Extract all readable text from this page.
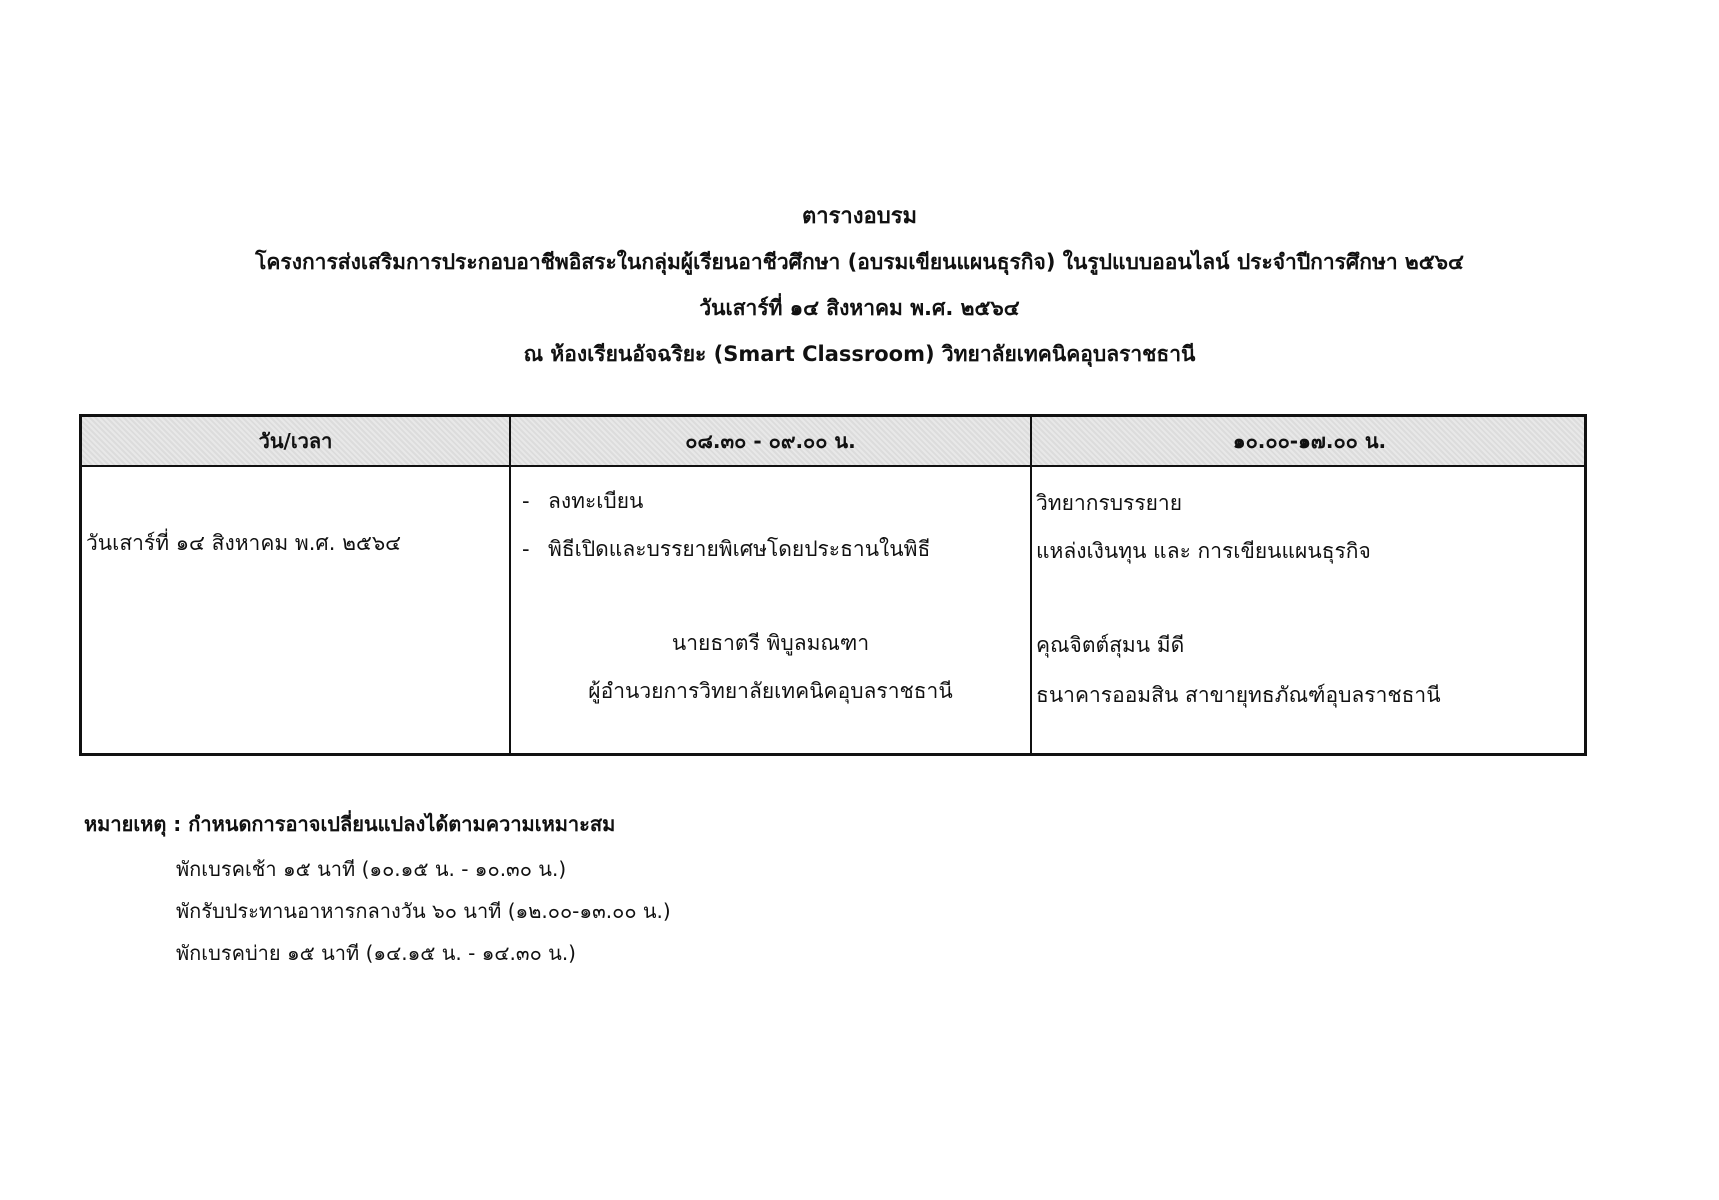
ตารางอบรม
โครงการส่งเสริมการประกอบอาชีพอิสระในกลุ่มผู้เรียนอาชีวศึกษา (อบรมเขียนแผนธุรกิจ) ในรูปแบบออนไลน์ ประจำปีการศึกษา ๒๕๖๔
วันเสาร์ที่ ๑๔ สิงหาคม พ.ศ. ๒๕๖๔
ณ ห้องเรียนอัจฉริยะ (Smart Classroom) วิทยาลัยเทคนิคอุบลราชธานี
วัน/เวลา	๐๘.๓๐ - ๐๙.๐๐ น.	๑๐.๐๐-๑๗.๐๐ น.
วันเสาร์ที่ ๑๔ สิงหาคม พ.ศ. ๒๕๖๔
- ลงทะเบียน
- พิธีเปิดและบรรยายพิเศษโดยประธานในพิธี
นายธาตรี พิบูลมณฑา
ผู้อำนวยการวิทยาลัยเทคนิคอุบลราชธานี
วิทยากรบรรยาย
แหล่งเงินทุน และ การเขียนแผนธุรกิจ
คุณจิตต์สุมน มีดี
ธนาคารออมสิน สาขายุทธภัณฑ์อุบลราชธานี
หมายเหตุ : กำหนดการอาจเปลี่ยนแปลงได้ตามความเหมาะสม
พักเบรคเช้า ๑๕ นาที (๑๐.๑๕ น. - ๑๐.๓๐ น.)
พักรับประทานอาหารกลางวัน ๖๐ นาที (๑๒.๐๐-๑๓.๐๐ น.)
พักเบรคบ่าย ๑๕ นาที (๑๔.๑๕ น. - ๑๔.๓๐ น.)
